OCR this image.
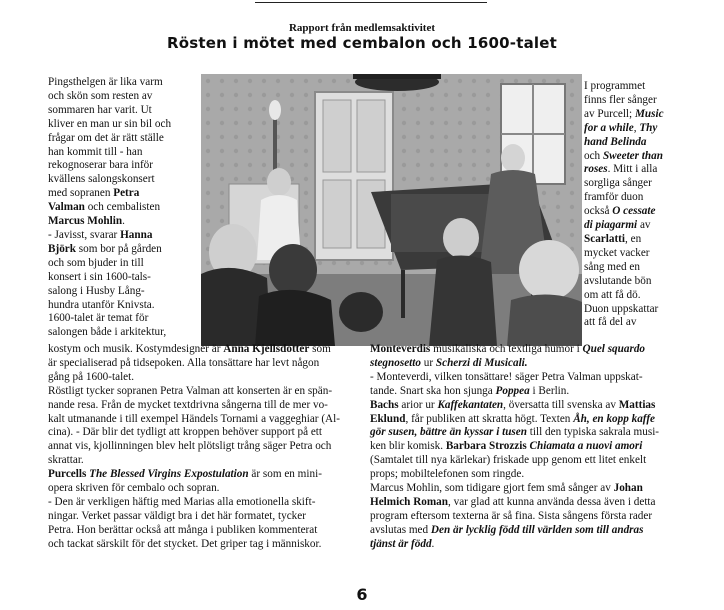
Rapport från medlemsaktivitet
Rösten i mötet med cembalon och 1600-talet

Pingsthelgen är lika varm

och skön som resten av

sommaren har varit. Ut

kliver en man ur sin bil och

frågar om det är rätt ställe

han kommit till - han

rekognoserar bara inför

kvällens salongskonsert

med sopranen Petra

Valman och cembalisten

Marcus Mohlin.

- Javisst, svarar Hanna

Björk som bor på gården

och som bjuder in till

konsert i sin 1600-tals-

salong i Husby Lång-

hundra utanför Knivsta.

1600-talet är temat för

salongen både i arkitektur,

I programmet

finns fler sånger

av Purcell; Music

for a while, Thy

hand Belinda

och Sweeter than

roses. Mitt i alla

sorgliga sånger

framför duon

också O cessate

di piagarmi av

Scarlatti, en

mycket vacker

sång med en

avslutande bön

om att få dö.

Duon uppskattar

att få del av

kostym och musik. Kostymdesigner är Anna Kjellsdotter som

är specialiserad på tidsepoken. Alla tonsättare har levt någon

gång på 1600-talet.

Röstligt tycker sopranen Petra Valman att konserten är en spän-

nande resa. Från de mycket textdrivna sångerna till de mer vo-

kalt utmanande i till exempel Händels Tornami a vaggeghiar (Al-

cina). - Där blir det tydligt att kroppen behöver support på ett

annat vis, kjollinningen blev helt plötsligt trång säger Petra och

skrattar.

Purcells The Blessed Virgins Expostulation är som en mini-

opera skriven för cembalo och sopran.

- Den är verkligen häftig med Marias alla emotionella skift-

ningar. Verket passar väldigt bra i det här formatet, tycker

Petra. Hon berättar också att många i publiken kommenterat

och tackat särskilt för det stycket. Det griper tag i människor.

Monteverdis musikaliska och textliga humor i Quel squardo

stegnosetto ur Scherzi di Musicali.

- Monteverdi, vilken tonsättare! säger Petra Valman uppskat-

tande. Snart ska hon sjunga Poppea i Berlin.

Bachs arior ur Kaffekantaten, översatta till svenska av Mattias

Eklund, får publiken att skratta högt. Texten Åh, en kopp kaffe

gör susen, bättre än kyssar i tusen till den typiska sakrala musi-

ken blir komisk. Barbara Strozzis Chiamata a nuovi amori

(Samtalet till nya kärlekar) friskade upp genom ett litet enkelt

props; mobiltelefonen som ringde.

Marcus Mohlin, som tidigare gjort fem små sånger av Johan

Helmich Roman, var glad att kunna använda dessa även i detta

program eftersom texterna är så fina. Sista sångens första rader

avslutas med Den är lycklig född till världen som till andras

tjänst är född.

6
